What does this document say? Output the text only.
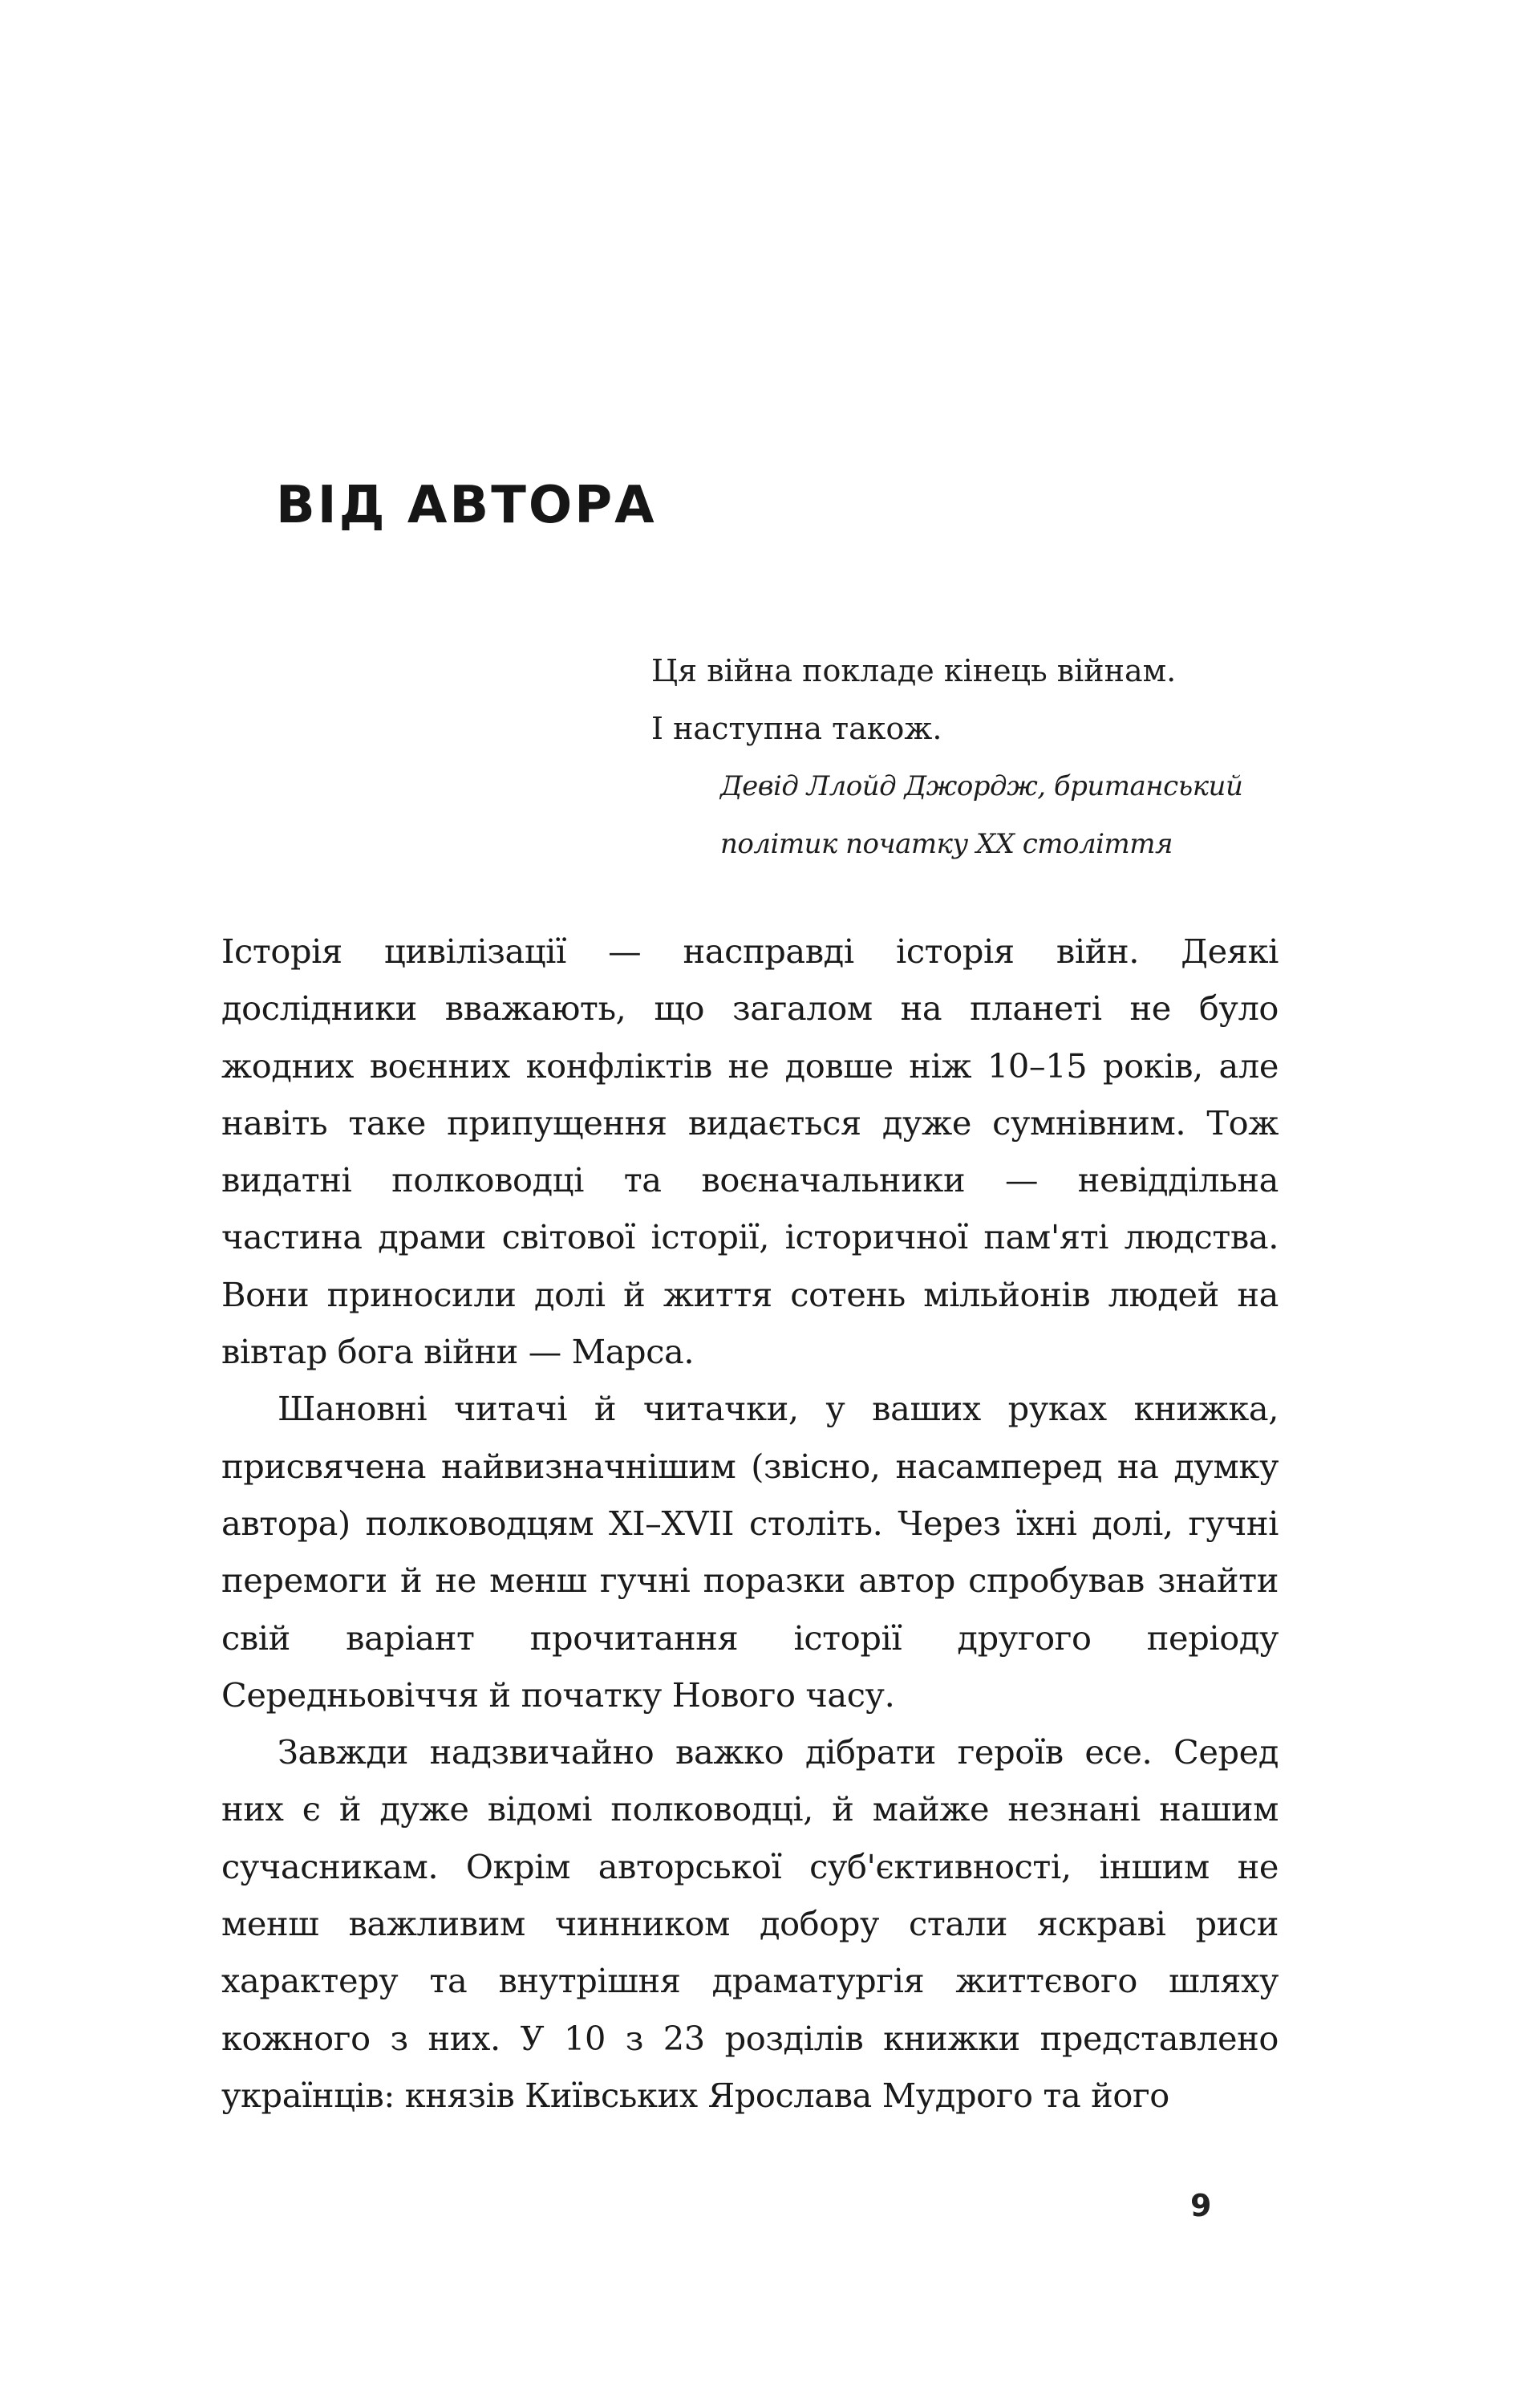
ВІД АВТОРА
Ця війна покладе кінець війнам.
І наступна також.
Девід Ллойд Джордж, британський
політик початку XX століття

Історія цивілізації — насправді історія війн. Деякі дослідники вважають, що загалом на планеті не було жодних воєнних конфліктів не довше ніж 10–15 років, але навіть таке припущення видається дуже сумнівним. Тож видатні полководці та воєначальники — невіддільна частина драми світової історії, історичної пам'яті людства. Вони приносили долі й життя сотень мільйонів людей на вівтар бога війни — Марса.

Шановні читачі й читачки, у ваших руках книжка, присвячена найвизначнішим (звісно, насамперед на думку автора) полководцям XI–XVII століть. Через їхні долі, гучні перемоги й не менш гучні поразки автор спробував знайти свій варіант прочитання історії другого періоду Середньовіччя й початку Нового часу.

Завжди надзвичайно важко дібрати героїв есе. Серед них є й дуже відомі полководці, й майже незнані нашим сучасникам. Окрім авторської суб'єктивності, іншим не менш важливим чинником добору стали яскраві риси характеру та внутрішня драматургія життєвого шляху кожного з них. У 10 з 23 розділів книжки представлено українців: князів Київських Ярослава Мудрого та його

9
